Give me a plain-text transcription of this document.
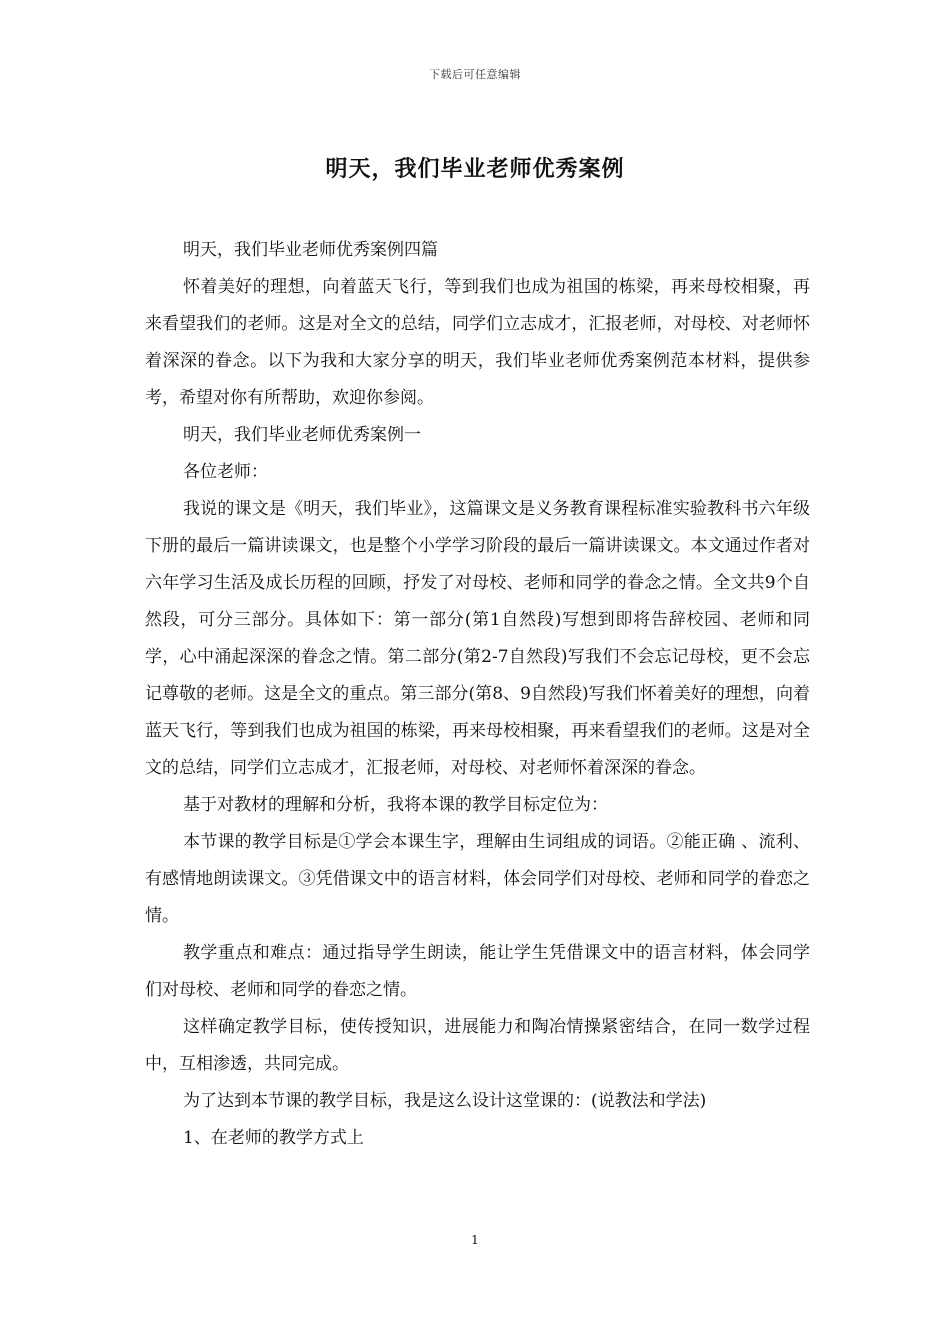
下载后可任意编辑
明天，我们毕业老师优秀案例

明天，我们毕业老师优秀案例四篇

怀着美好的理想，向着蓝天飞行，等到我们也成为祖国的栋梁，再来母校相聚，再来看望我们的老师。这是对全文的总结，同学们立志成才，汇报老师，对母校、对老师怀着深深的眷念。以下为我和大家分享的明天，我们毕业老师优秀案例范本材料，提供参考，希望对你有所帮助，欢迎你参阅。

明天，我们毕业老师优秀案例一

各位老师：

我说的课文是《明天，我们毕业》，这篇课文是义务教育课程标准实验教科书六年级下册的最后一篇讲读课文，也是整个小学学习阶段的最后一篇讲读课文。本文通过作者对六年学习生活及成长历程的回顾，抒发了对母校、老师和同学的眷念之情。全文共9个自然段，可分三部分。具体如下：第一部分(第1自然段)写想到即将告辞校园、老师和同学，心中涌起深深的眷念之情。第二部分(第2-7自然段)写我们不会忘记母校，更不会忘记尊敬的老师。这是全文的重点。第三部分(第8、9自然段)写我们怀着美好的理想，向着蓝天飞行，等到我们也成为祖国的栋梁，再来母校相聚，再来看望我们的老师。这是对全文的总结，同学们立志成才，汇报老师，对母校、对老师怀着深深的眷念。

基于对教材的理解和分析，我将本课的教学目标定位为：

本节课的教学目标是①学会本课生字，理解由生词组成的词语。②能正确 、流利、有感情地朗读课文。③凭借课文中的语言材料，体会同学们对母校、老师和同学的眷恋之情。

教学重点和难点：通过指导学生朗读，能让学生凭借课文中的语言材料，体会同学们对母校、老师和同学的眷恋之情。

这样确定教学目标，使传授知识，进展能力和陶冶情操紧密结合，在同一数学过程中，互相渗透，共同完成。

为了达到本节课的教学目标，我是这么设计这堂课的：(说教法和学法)

1、在老师的教学方式上

1
